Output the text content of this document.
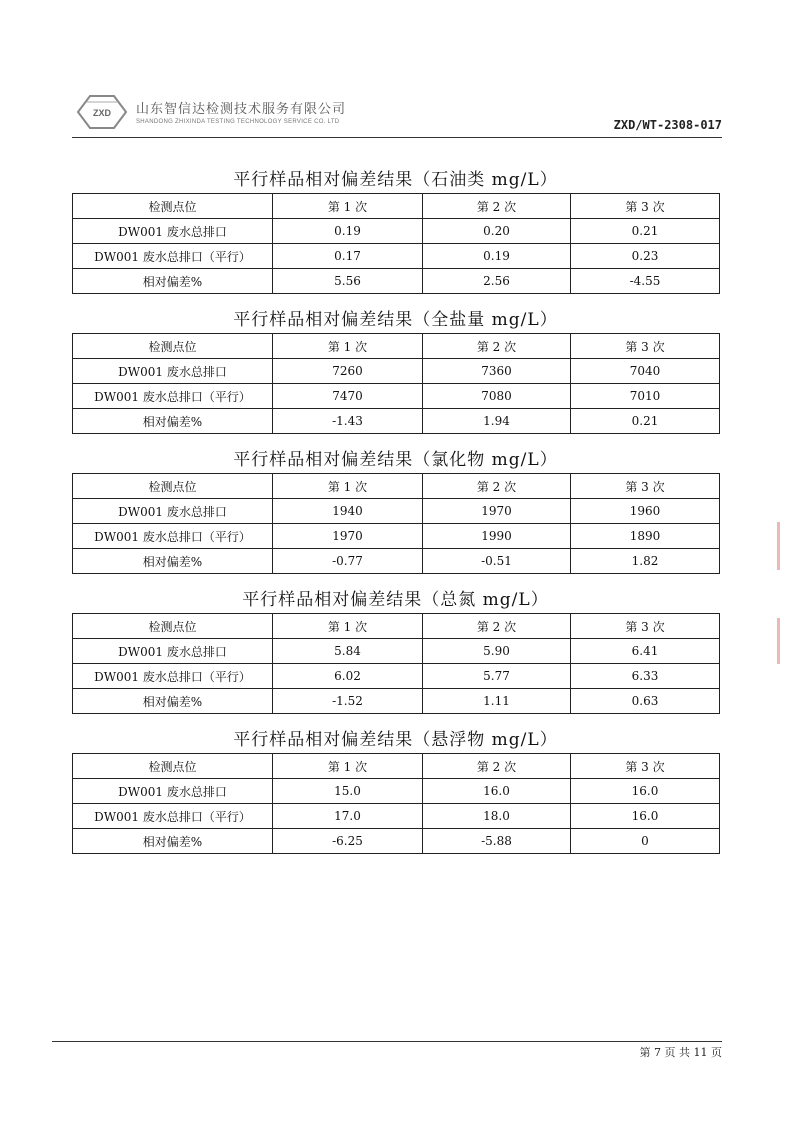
ZXD 山东智信达检测技术服务有限公司
SHANDONG ZHIXINDA TESTING TECHNOLOGY SERVICE CO. LTD	ZXD/WT-2308-017
平行样品相对偏差结果（石油类 mg/L）
检测点位	第 1 次	第 2 次	第 3 次
DW001 废水总排口	0.19	0.20	0.21
DW001 废水总排口（平行）	0.17	0.19	0.23
相对偏差%	5.56	2.56	-4.55
平行样品相对偏差结果（全盐量 mg/L）
检测点位	第 1 次	第 2 次	第 3 次
DW001 废水总排口	7260	7360	7040
DW001 废水总排口（平行）	7470	7080	7010
相对偏差%	-1.43	1.94	0.21
平行样品相对偏差结果（氯化物 mg/L）
检测点位	第 1 次	第 2 次	第 3 次
DW001 废水总排口	1940	1970	1960
DW001 废水总排口（平行）	1970	1990	1890
相对偏差%	-0.77	-0.51	1.82
平行样品相对偏差结果（总氮 mg/L）
检测点位	第 1 次	第 2 次	第 3 次
DW001 废水总排口	5.84	5.90	6.41
DW001 废水总排口（平行）	6.02	5.77	6.33
相对偏差%	-1.52	1.11	0.63
平行样品相对偏差结果（悬浮物 mg/L）
检测点位	第 1 次	第 2 次	第 3 次
DW001 废水总排口	15.0	16.0	16.0
DW001 废水总排口（平行）	17.0	18.0	16.0
相对偏差%	-6.25	-5.88	0
第 7 页 共 11 页
